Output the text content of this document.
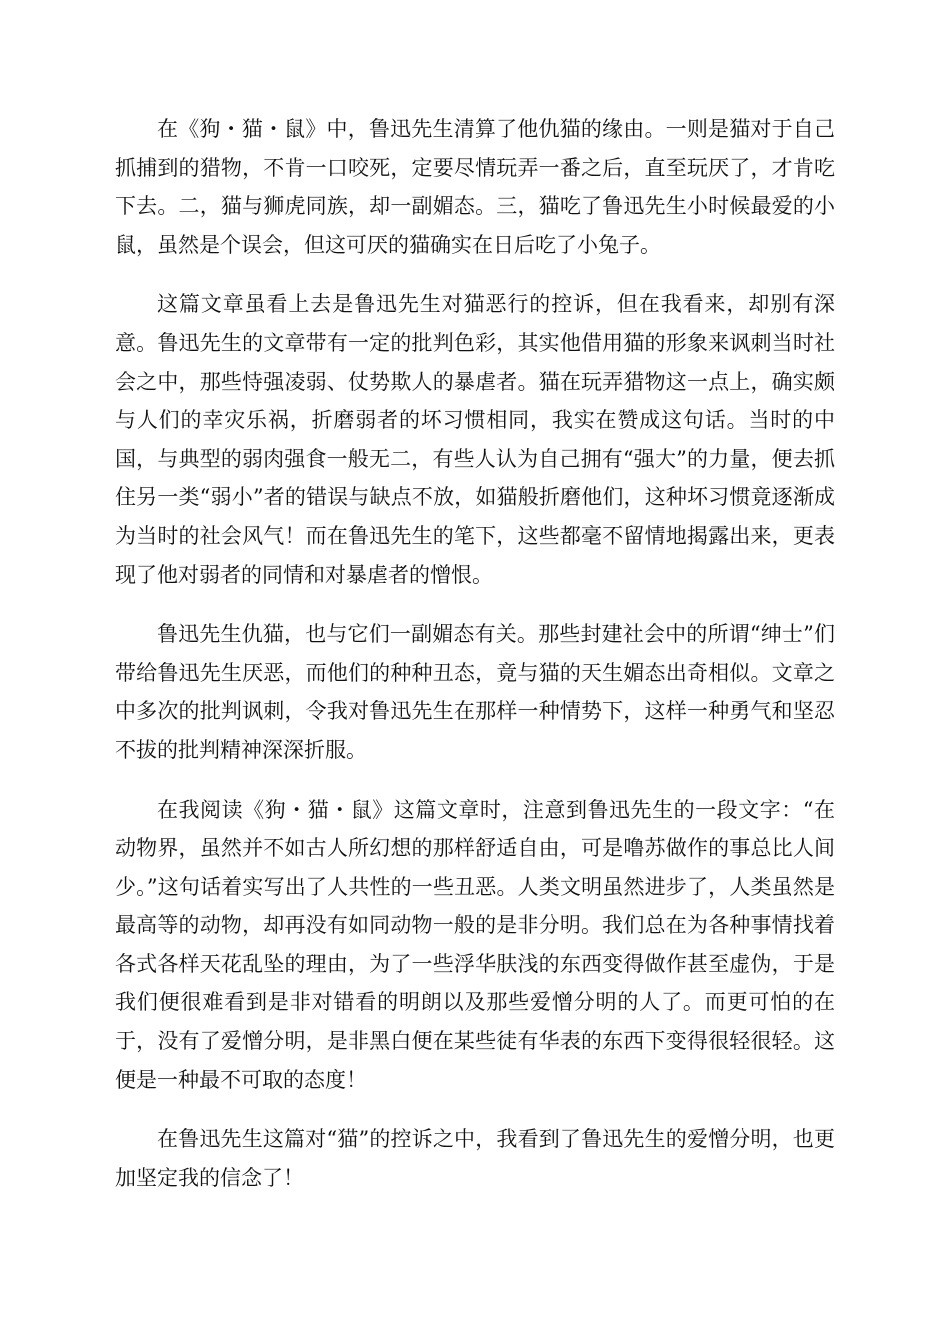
在《狗・猫・鼠》中，鲁迅先生清算了他仇猫的缘由。一则是猫对于自己抓捕到的猎物，不肯一口咬死，定要尽情玩弄一番之后，直至玩厌了，才肯吃下去。二，猫与狮虎同族，却一副媚态。三，猫吃了鲁迅先生小时候最爱的小鼠，虽然是个误会，但这可厌的猫确实在日后吃了小兔子。

这篇文章虽看上去是鲁迅先生对猫恶行的控诉，但在我看来，却别有深意。鲁迅先生的文章带有一定的批判色彩，其实他借用猫的形象来讽刺当时社会之中，那些恃强凌弱、仗势欺人的暴虐者。猫在玩弄猎物这一点上，确实颇与人们的幸灾乐祸，折磨弱者的坏习惯相同，我实在赞成这句话。当时的中国，与典型的弱肉强食一般无二，有些人认为自己拥有“强大”的力量，便去抓住另一类“弱小”者的错误与缺点不放，如猫般折磨他们，这种坏习惯竟逐渐成为当时的社会风气！而在鲁迅先生的笔下，这些都毫不留情地揭露出来，更表现了他对弱者的同情和对暴虐者的憎恨。

鲁迅先生仇猫，也与它们一副媚态有关。那些封建社会中的所谓“绅士”们带给鲁迅先生厌恶，而他们的种种丑态，竟与猫的天生媚态出奇相似。文章之中多次的批判讽刺，令我对鲁迅先生在那样一种情势下，这样一种勇气和坚忍不拔的批判精神深深折服。

在我阅读《狗・猫・鼠》这篇文章时，注意到鲁迅先生的一段文字：“在动物界，虽然并不如古人所幻想的那样舒适自由，可是噜苏做作的事总比人间少。”这句话着实写出了人共性的一些丑恶。人类文明虽然进步了，人类虽然是最高等的动物，却再没有如同动物一般的是非分明。我们总在为各种事情找着各式各样天花乱坠的理由，为了一些浮华肤浅的东西变得做作甚至虚伪，于是我们便很难看到是非对错看的明朗以及那些爱憎分明的人了。而更可怕的在于，没有了爱憎分明，是非黑白便在某些徒有华表的东西下变得很轻很轻。这便是一种最不可取的态度！

在鲁迅先生这篇对“猫”的控诉之中，我看到了鲁迅先生的爱憎分明，也更加坚定我的信念了！
